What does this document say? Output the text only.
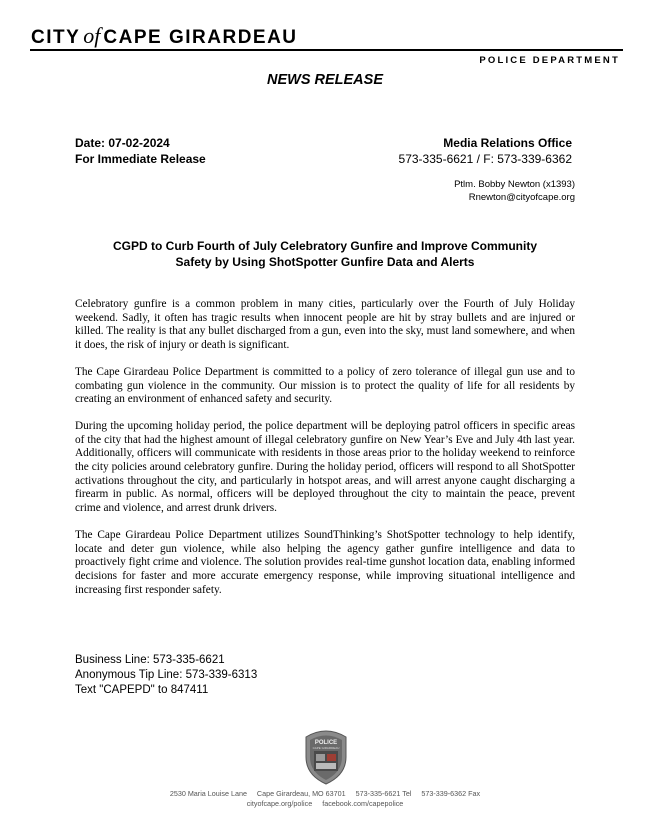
CITY of CAPE GIRARDEAU
POLICE DEPARTMENT
NEWS RELEASE
Date: 07-02-2024
For Immediate Release
Media Relations Office
573-335-6621 / F: 573-339-6362
Ptlm. Bobby Newton (x1393)
Rnewton@cityofcape.org
CGPD to Curb Fourth of July Celebratory Gunfire and Improve Community
Safety by Using ShotSpotter Gunfire Data and Alerts

Celebratory gunfire is a common problem in many cities, particularly over the Fourth of July Holiday weekend. Sadly, it often has tragic results when innocent people are hit by stray bullets and are injured or killed. The reality is that any bullet discharged from a gun, even into the sky, must land somewhere, and when it does, the risk of injury or death is significant.

The Cape Girardeau Police Department is committed to a policy of zero tolerance of illegal gun use and to combating gun violence in the community. Our mission is to protect the quality of life for all residents by creating an environment of enhanced safety and security.

During the upcoming holiday period, the police department will be deploying patrol officers in specific areas of the city that had the highest amount of illegal celebratory gunfire on New Year’s Eve and July 4th last year. Additionally, officers will communicate with residents in those areas prior to the holiday weekend to reinforce the city policies around celebratory gunfire. During the holiday period, officers will respond to all ShotSpotter activations throughout the city, and particularly in hotspot areas, and will arrest anyone caught discharging a firearm in public. As normal, officers will be deployed throughout the city to maintain the peace, prevent crime and violence, and arrest drunk drivers.

The Cape Girardeau Police Department utilizes SoundThinking’s ShotSpotter technology to help identify, locate and deter gun violence, while also helping the agency gather gunfire intelligence and data to proactively fight crime and violence. The solution provides real-time gunshot location data, enabling informed decisions for faster and more accurate emergency response, while improving situational intelligence and increasing first responder safety.

Business Line: 573-335-6621
Anonymous Tip Line: 573-339-6313
Text "CAPEPD" to 847411
POLICE
CAPE GIRARDEAU
2530 Maria Louise Lane     Cape Girardeau, MO 63701     573-335-6621 Tel     573-339-6362 Fax
cityofcape.org/police     facebook.com/capepolice
